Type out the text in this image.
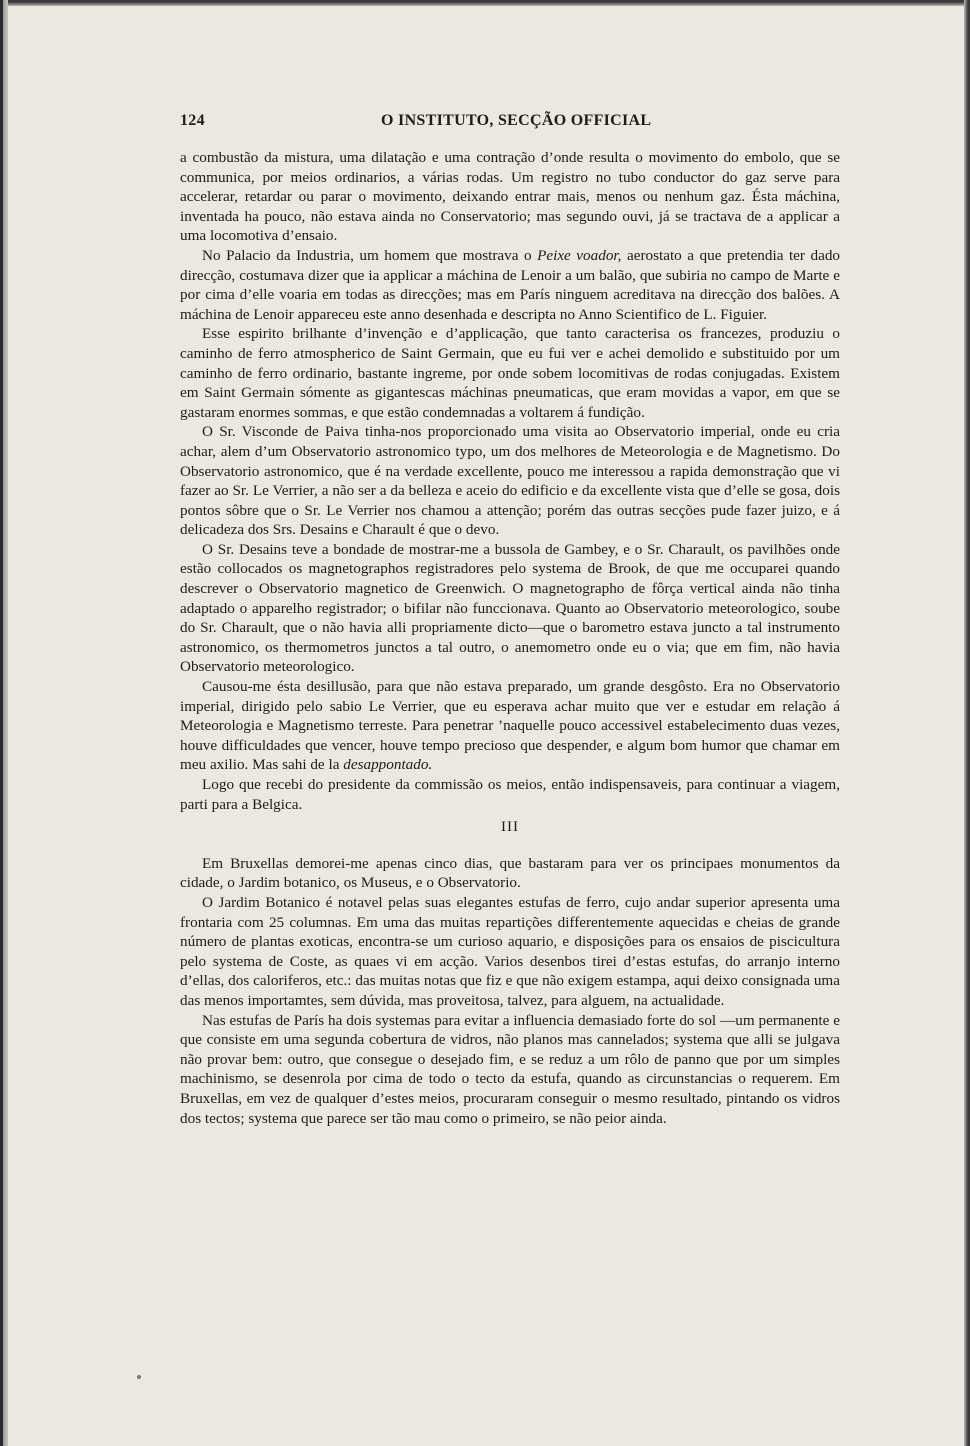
124	O INSTITUTO, SECÇÃO OFFICIAL

a combustão da mistura, uma dilatação e uma contração d’onde resulta o movimento do embolo, que se communica, por meios ordinarios, a várias rodas. Um registro no tubo conductor do gaz serve para accelerar, retardar ou parar o movimento, deixando entrar mais, menos ou nenhum gaz. Ésta máchina, inventada ha pouco, não estava ainda no Conservatorio; mas segundo ouvi, já se tractava de a applicar a uma locomotiva d’ensaio.

No Palacio da Industria, um homem que mostrava o Peixe voador, aerostato a que pretendia ter dado direcção, costumava dizer que ia applicar a máchina de Lenoir a um balão, que subiria no campo de Marte e por cima d’elle voaria em todas as direcções; mas em París ninguem acreditava na direcção dos balões. A máchina de Lenoir appareceu este anno desenhada e descripta no Anno Scientifico de L. Figuier.

Esse espirito brilhante d’invenção e d’applicação, que tanto caracterisa os francezes, produziu o caminho de ferro atmospherico de Saint Germain, que eu fui ver e achei demolido e substituido por um caminho de ferro ordinario, bastante ingreme, por onde sobem locomitivas de rodas conjugadas. Existem em Saint Germain sómente as gigantescas máchinas pneumaticas, que eram movidas a vapor, em que se gastaram enormes sommas, e que estão condemnadas a voltarem á fundição.

O Sr. Visconde de Paiva tinha-nos proporcionado uma visita ao Observatorio imperial, onde eu cria achar, alem d’um Observatorio astronomico typo, um dos melhores de Meteorologia e de Magnetismo. Do Observatorio astronomico, que é na verdade excellente, pouco me interessou a rapida demonstração que vi fazer ao Sr. Le Verrier, a não ser a da belleza e aceio do edificio e da excellente vista que d’elle se gosa, dois pontos sôbre que o Sr. Le Verrier nos chamou a attenção; porém das outras secções pude fazer juizo, e á delicadeza dos Srs. Desains e Charault é que o devo.

O Sr. Desains teve a bondade de mostrar-me a bussola de Gambey, e o Sr. Charault, os pavilhões onde estão collocados os magnetographos registradores pelo systema de Brook, de que me occuparei quando descrever o Observatorio magnetico de Greenwich. O magnetographo de fôrça vertical ainda não tinha adaptado o apparelho registrador; o bifilar não funccionava. Quanto ao Observatorio meteorologico, soube do Sr. Charault, que o não havia alli propriamente dicto—que o barometro estava juncto a tal instrumento astronomico, os thermometros junctos a tal outro, o anemometro onde eu o via; que em fim, não havia Observatorio meteorologico.

Causou-me ésta desillusão, para que não estava preparado, um grande desgôsto. Era no Observatorio imperial, dirigido pelo sabio Le Verrier, que eu esperava achar muito que ver e estudar em relação á Meteorologia e Magnetismo terreste. Para penetrar ’naquelle pouco accessivel estabelecimento duas vezes, houve difficuldades que vencer, houve tempo precioso que despender, e algum bom humor que chamar em meu axilio. Mas sahi de la desappontado.

Logo que recebi do presidente da commissão os meios, então indispensaveis, para continuar a viagem, parti para a Belgica.

III

Em Bruxellas demorei-me apenas cinco dias, que bastaram para ver os principaes monumentos da cidade, o Jardim botanico, os Museus, e o Observatorio.

O Jardim Botanico é notavel pelas suas elegantes estufas de ferro, cujo andar superior apresenta uma frontaria com 25 columnas. Em uma das muitas repartições differentemente aquecidas e cheias de grande número de plantas exoticas, encontra-se um curioso aquario, e disposições para os ensaios de piscicultura pelo systema de Coste, as quaes vi em acção. Varios desenbos tirei d’estas estufas, do arranjo interno d’ellas, dos caloriferos, etc.: das muitas notas que fiz e que não exigem estampa, aqui deixo consignada uma das menos importamtes, sem dúvida, mas proveitosa, talvez, para alguem, na actualidade.

Nas estufas de París ha dois systemas para evitar a influencia demasiado forte do sol —um permanente e que consiste em uma segunda cobertura de vidros, não planos mas cannelados; systema que alli se julgava não provar bem: outro, que consegue o desejado fim, e se reduz a um rôlo de panno que por um simples machinismo, se desenrola por cima de todo o tecto da estufa, quando as circunstancias o requerem. Em Bruxellas, em vez de qualquer d’estes meios, procuraram conseguir o mesmo resultado, pintando os vidros dos tectos; systema que parece ser tão mau como o primeiro, se não peior ainda.
